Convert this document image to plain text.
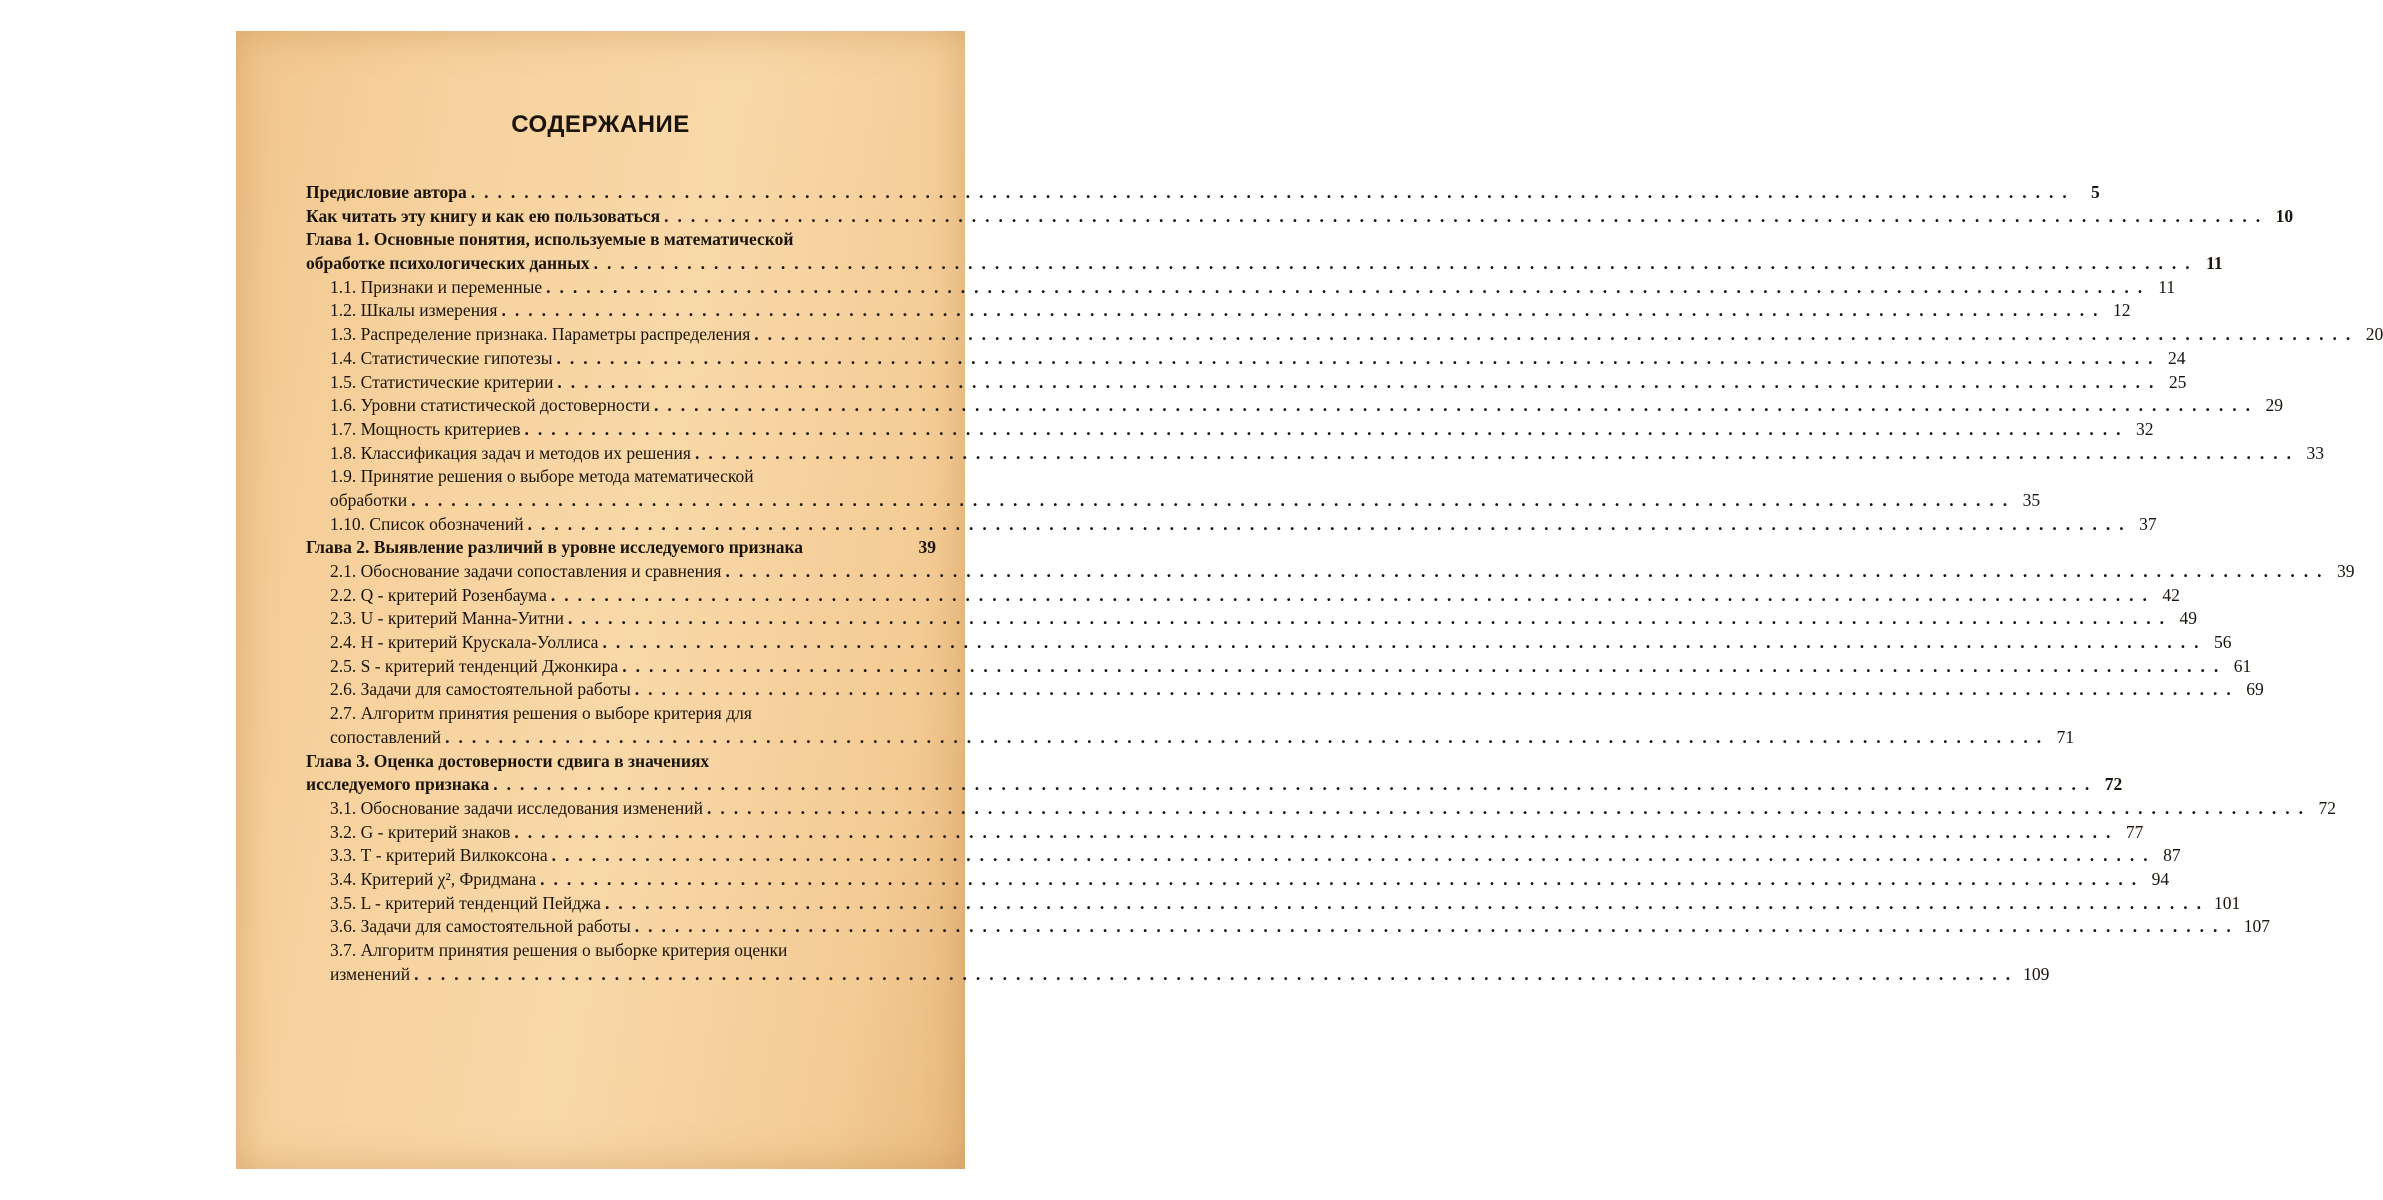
СОДЕРЖАНИЕ
Предисловие автора ........................................................................................................................ 5
Как читать эту книгу и как ею пользоваться ........................................................................................................................ 10
Глава 1. Основные понятия, используемые в математической
обработке психологических данных ........................................................................................................................ 11
1.1. Признаки и переменные ........................................................................................................................ 11
1.2. Шкалы измерения ........................................................................................................................ 12
1.3. Распределение признака. Параметры распределения ........................................................................................................................ 20
1.4. Статистические гипотезы ........................................................................................................................ 24
1.5. Статистические критерии ........................................................................................................................ 25
1.6. Уровни статистической достоверности ........................................................................................................................ 29
1.7. Мощность критериев ........................................................................................................................ 32
1.8. Классификация задач и методов их решения ........................................................................................................................ 33
1.9. Принятие решения о выборе метода математической
обработки ........................................................................................................................ 35
1.10. Список обозначений ........................................................................................................................ 37
Глава 2. Выявление различий в уровне исследуемого признака	39
2.1. Обоснование задачи сопоставления и сравнения ........................................................................................................................ 39
2.2. Q - критерий Розенбаума ........................................................................................................................ 42
2.3. U - критерий Манна-Уитни ........................................................................................................................ 49
2.4. Н - критерий Крускала-Уоллиса ........................................................................................................................ 56
2.5. S - критерий тенденций Джонкира ........................................................................................................................ 61
2.6. Задачи для самостоятельной работы ........................................................................................................................ 69
2.7. Алгоритм принятия решения о выборе критерия для
сопоставлений ........................................................................................................................ 71
Глава 3. Оценка достоверности сдвига в значениях
исследуемого признака ........................................................................................................................ 72
3.1. Обоснование задачи исследования изменений ........................................................................................................................ 72
3.2. G - критерий знаков ........................................................................................................................ 77
3.3. Т - критерий Вилкоксона ........................................................................................................................ 87
3.4. Критерий χ², Фридмана ........................................................................................................................ 94
3.5. L - критерий тенденций Пейджа ........................................................................................................................ 101
3.6. Задачи для самостоятельной работы ........................................................................................................................ 107
3.7. Алгоритм принятия решения о выборке критерия оценки
изменений ........................................................................................................................ 109
